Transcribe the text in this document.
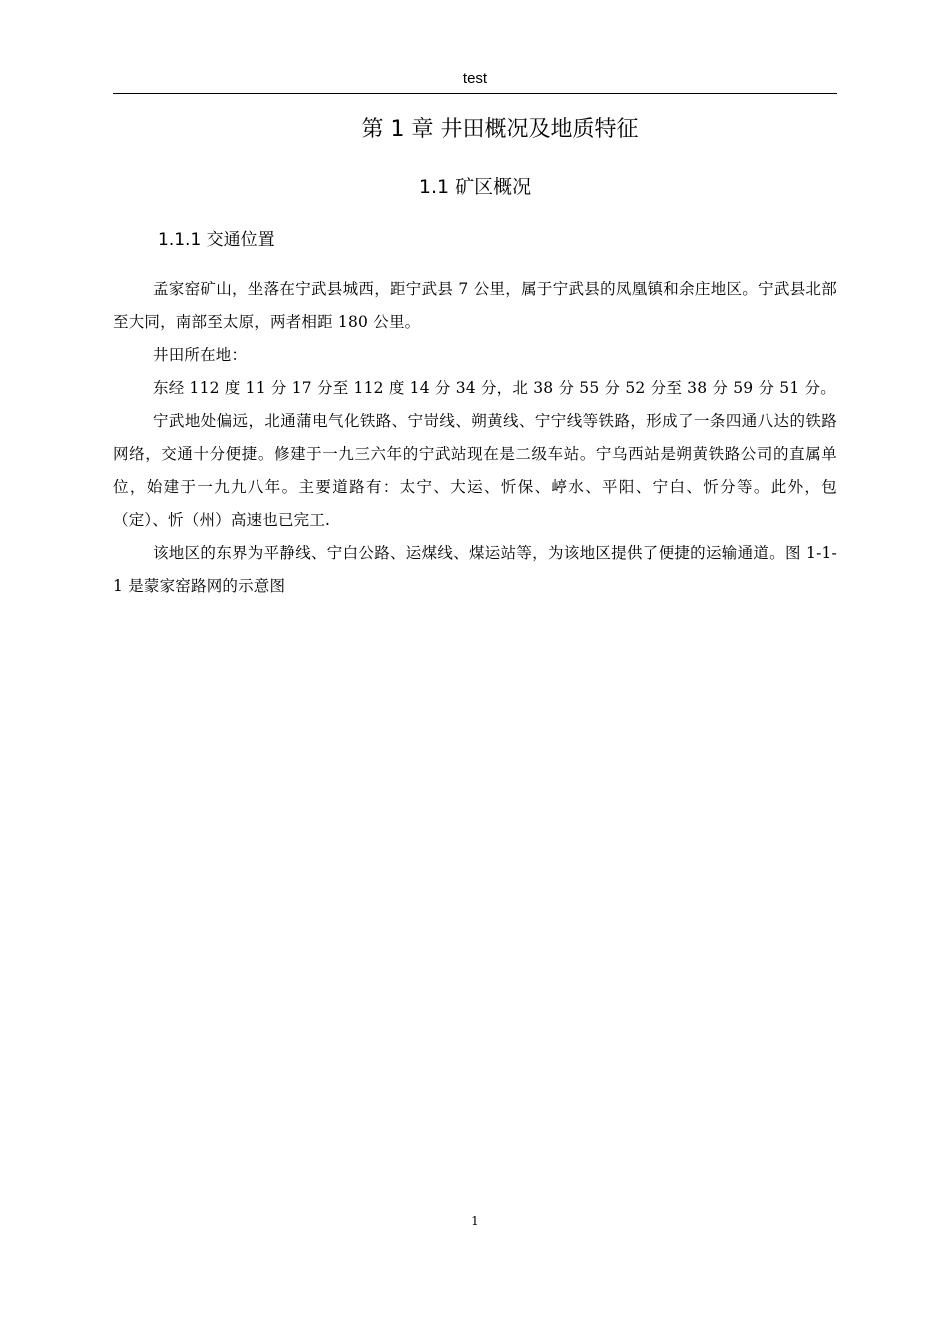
test
第 1 章 井田概况及地质特征
1.1 矿区概况
1.1.1 交通位置

孟家窑矿山，坐落在宁武县城西，距宁武县 7 公里，属于宁武县的凤凰镇和余庄地区。宁武县北部至大同，南部至太原，两者相距 180 公里。

井田所在地：

东经 112 度 11 分 17 分至 112 度 14 分 34 分，北 38 分 55 分 52 分至 38 分 59 分 51 分。

宁武地处偏远，北通蒲电气化铁路、宁岢线、朔黄线、宁宁线等铁路，形成了一条四通八达的铁路网络，交通十分便捷。修建于一九三六年的宁武站现在是二级车站。宁乌西站是朔黄铁路公司的直属单位，始建于一九九八年。主要道路有：太宁、大运、忻保、嵉水、平阳、宁白、忻分等。此外，包（定）、忻（州）高速也已完工.

该地区的东界为平静线、宁白公路、运煤线、煤运站等，为该地区提供了便捷的运输通道。图 1-1-1 是蒙家窑路网的示意图

1
